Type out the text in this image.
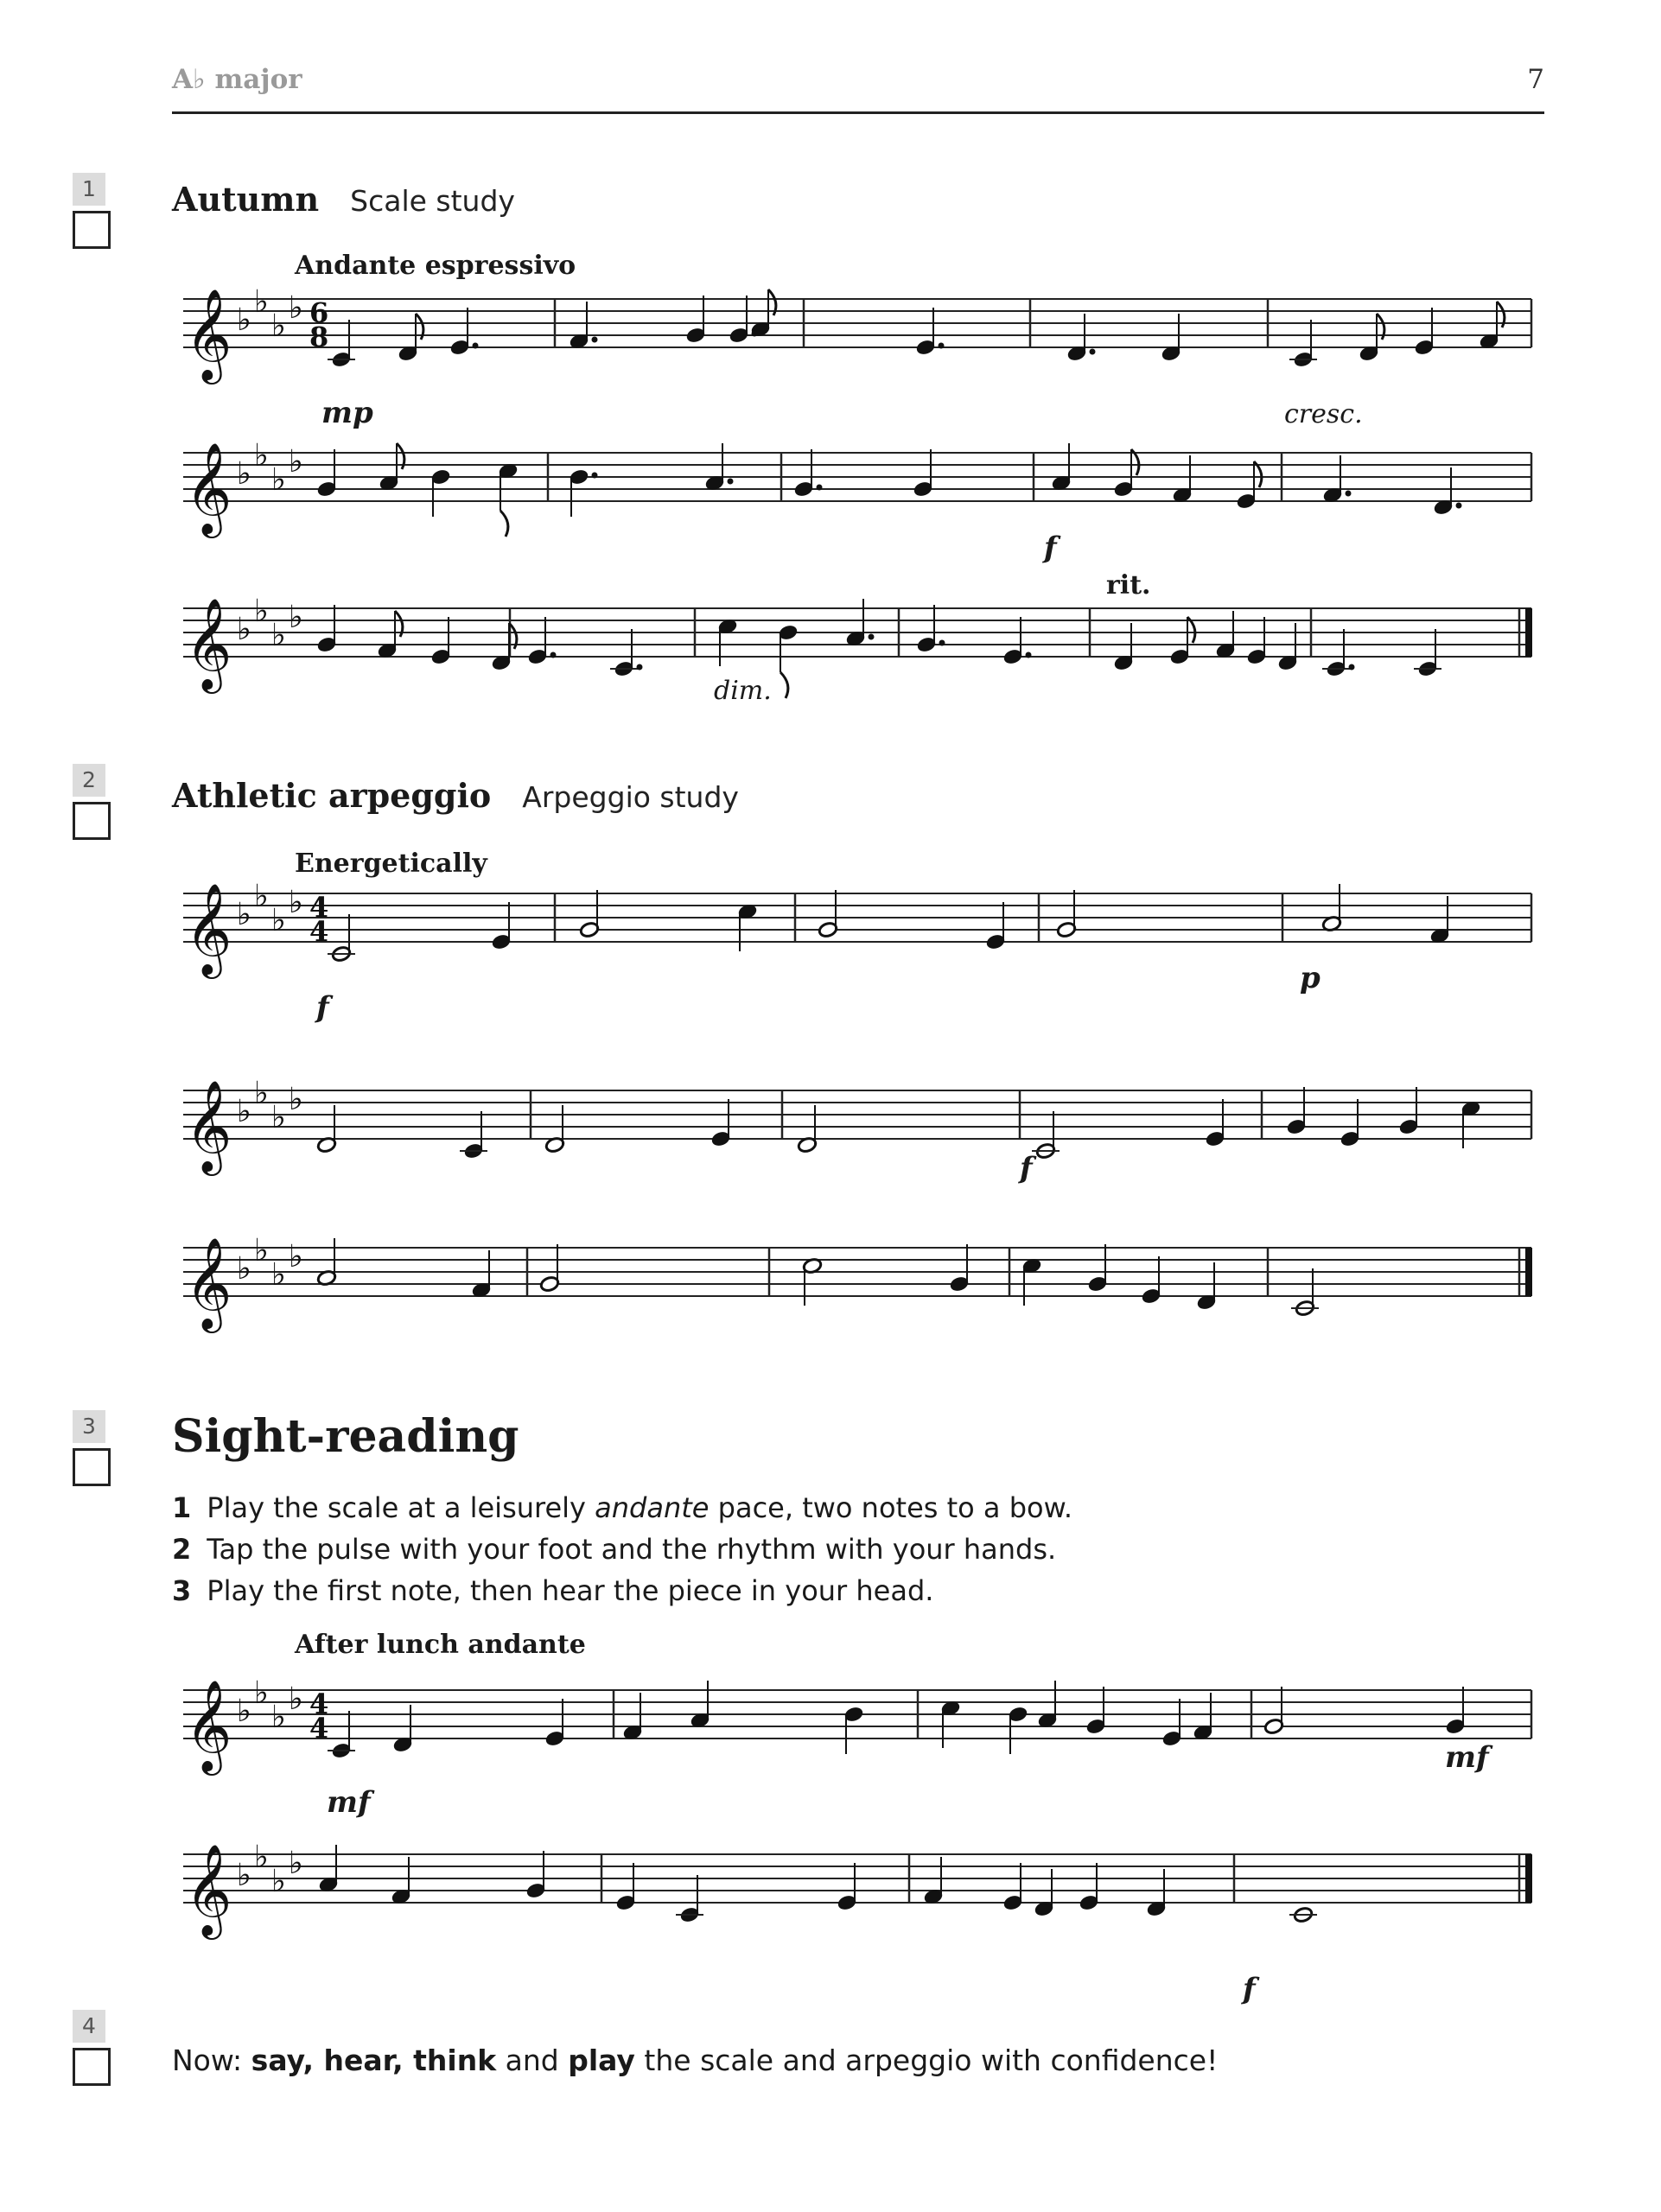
A♭ major	7
1
2
3
4
Autumn Scale study
Andante espressivo
Athletic arpeggio Arpeggio study
Energetically
Sight-reading
1 Play the scale at a leisurely andante pace, two notes to a bow.
2 Tap the pulse with your foot and the rhythm with your hands.
3 Play the first note, then hear the piece in your head.
After lunch andante
Now: say, hear, think and play the scale and arpeggio with confidence!
𝄞 ♭
♭
♭
♭ 6
8
𝄞 ♭
♭
♭
♭
𝄞 ♭
♭
♭
♭
𝄞 ♭
♭
♭
♭ 4
4
𝄞 ♭
♭
♭
♭
𝄞 ♭
♭
♭
♭
𝄞 ♭
♭
♭
♭ 4
4
𝄞 ♭
♭
♭
♭
mp	cresc.
f
rit.
dim.
f
p
f
mf
mf
f
